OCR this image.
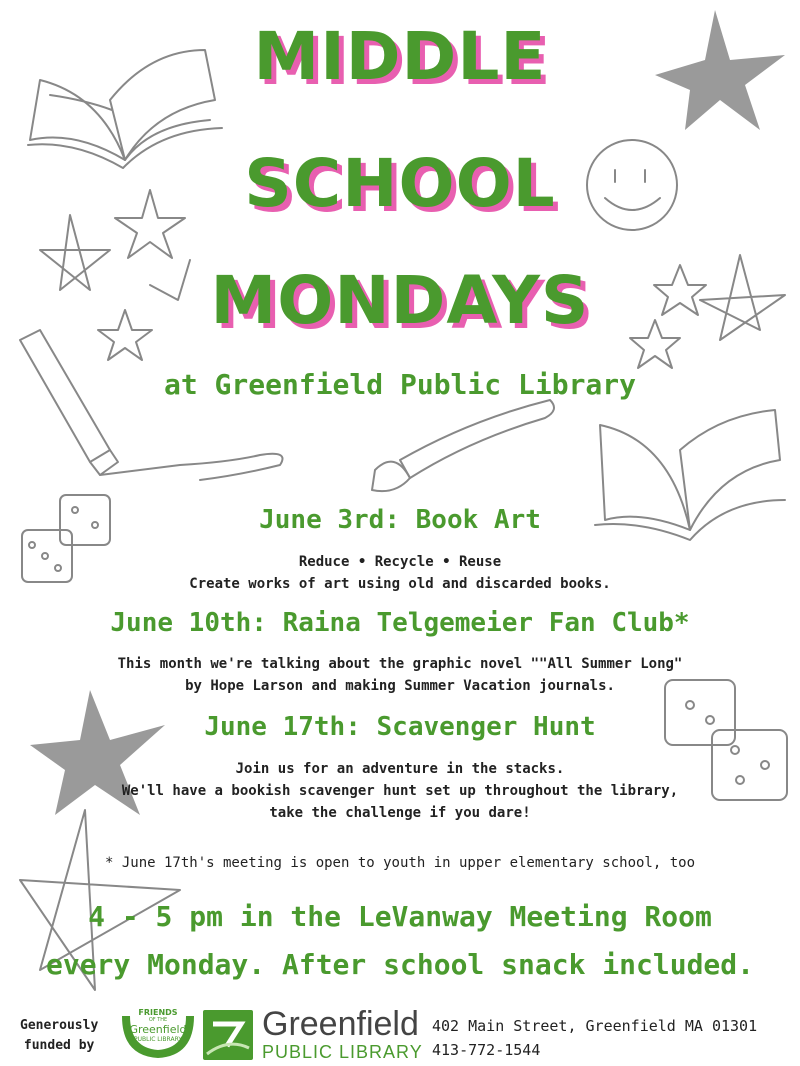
MIDDLE
SCHOOL
MONDAYS
at Greenfield Public Library
June 3rd: Book Art
Reduce • Recycle • Reuse
Create works of art using old and discarded books.
June 10th: Raina Telgemeier Fan Club*
This month we're talking about the graphic novel ""All Summer Long"
by Hope Larson and making Summer Vacation journals.
June 17th: Scavenger Hunt
Join us for an adventure in the stacks.
We'll have a bookish scavenger hunt set up throughout the library,
take the challenge if you dare!
* June 17th's meeting is open to youth in upper elementary school, too
4 - 5 pm in the LeVanway Meeting Room
every Monday. After school snack included.
Generously
funded by
FRIENDS
OF THE
Greenfield
PUBLIC LIBRARY	Greenfield
PUBLIC LIBRARY
402 Main Street, Greenfield MA 01301
413-772-1544
